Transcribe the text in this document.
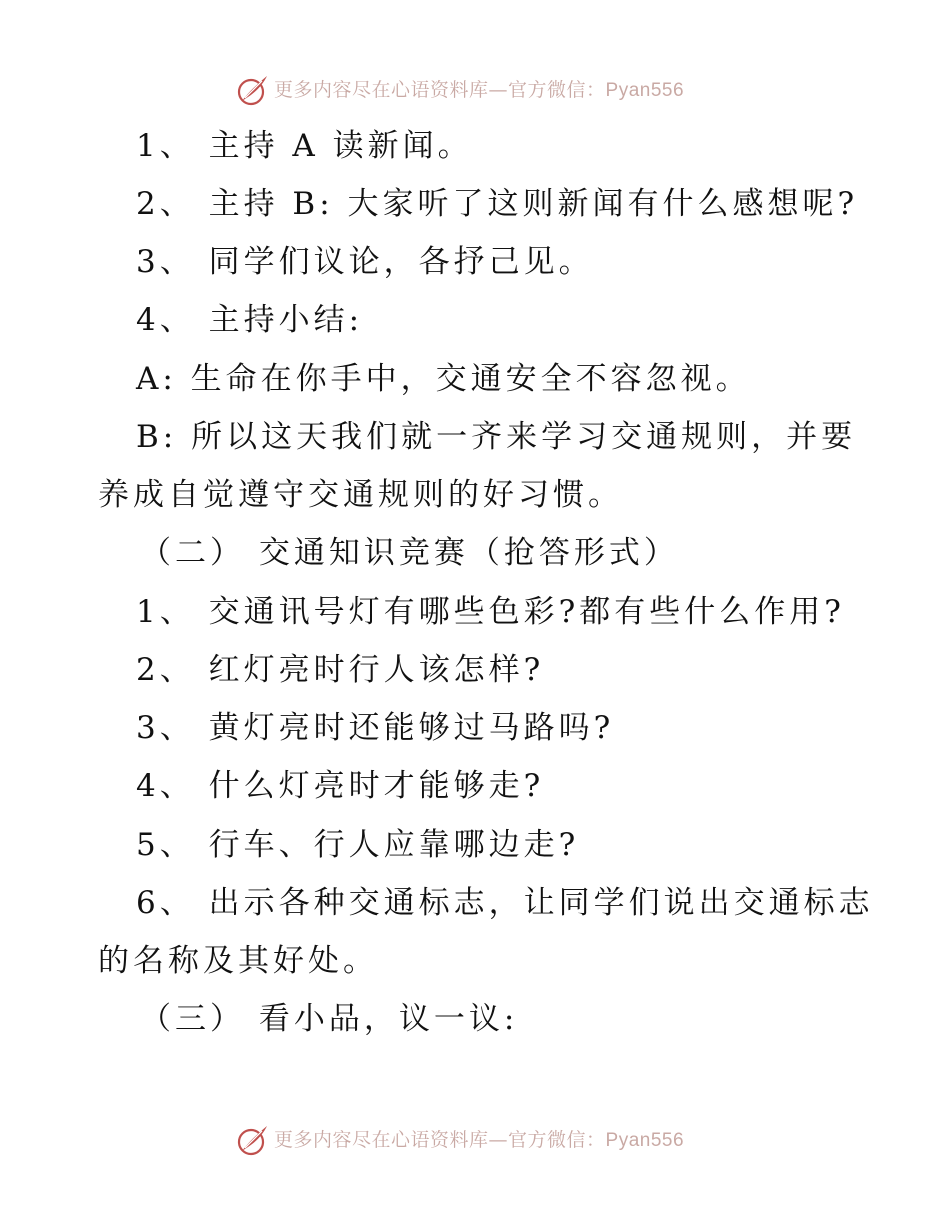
更多内容尽在心语资料库—官方微信：Pyan556
1、 主持 A 读新闻。
2、 主持 B: 大家听了这则新闻有什么感想呢?
3、 同学们议论，各抒己见。
4、 主持小结:
A: 生命在你手中，交通安全不容忽视。
B: 所以这天我们就一齐来学习交通规则，并要
养成自觉遵守交通规则的好习惯。
（二） 交通知识竞赛（抢答形式）
1、 交通讯号灯有哪些色彩?都有些什么作用?
2、 红灯亮时行人该怎样?
3、 黄灯亮时还能够过马路吗?
4、 什么灯亮时才能够走?
5、 行车、行人应靠哪边走?
6、 出示各种交通标志，让同学们说出交通标志
的名称及其好处。
（三） 看小品，议一议:
更多内容尽在心语资料库—官方微信：Pyan556
